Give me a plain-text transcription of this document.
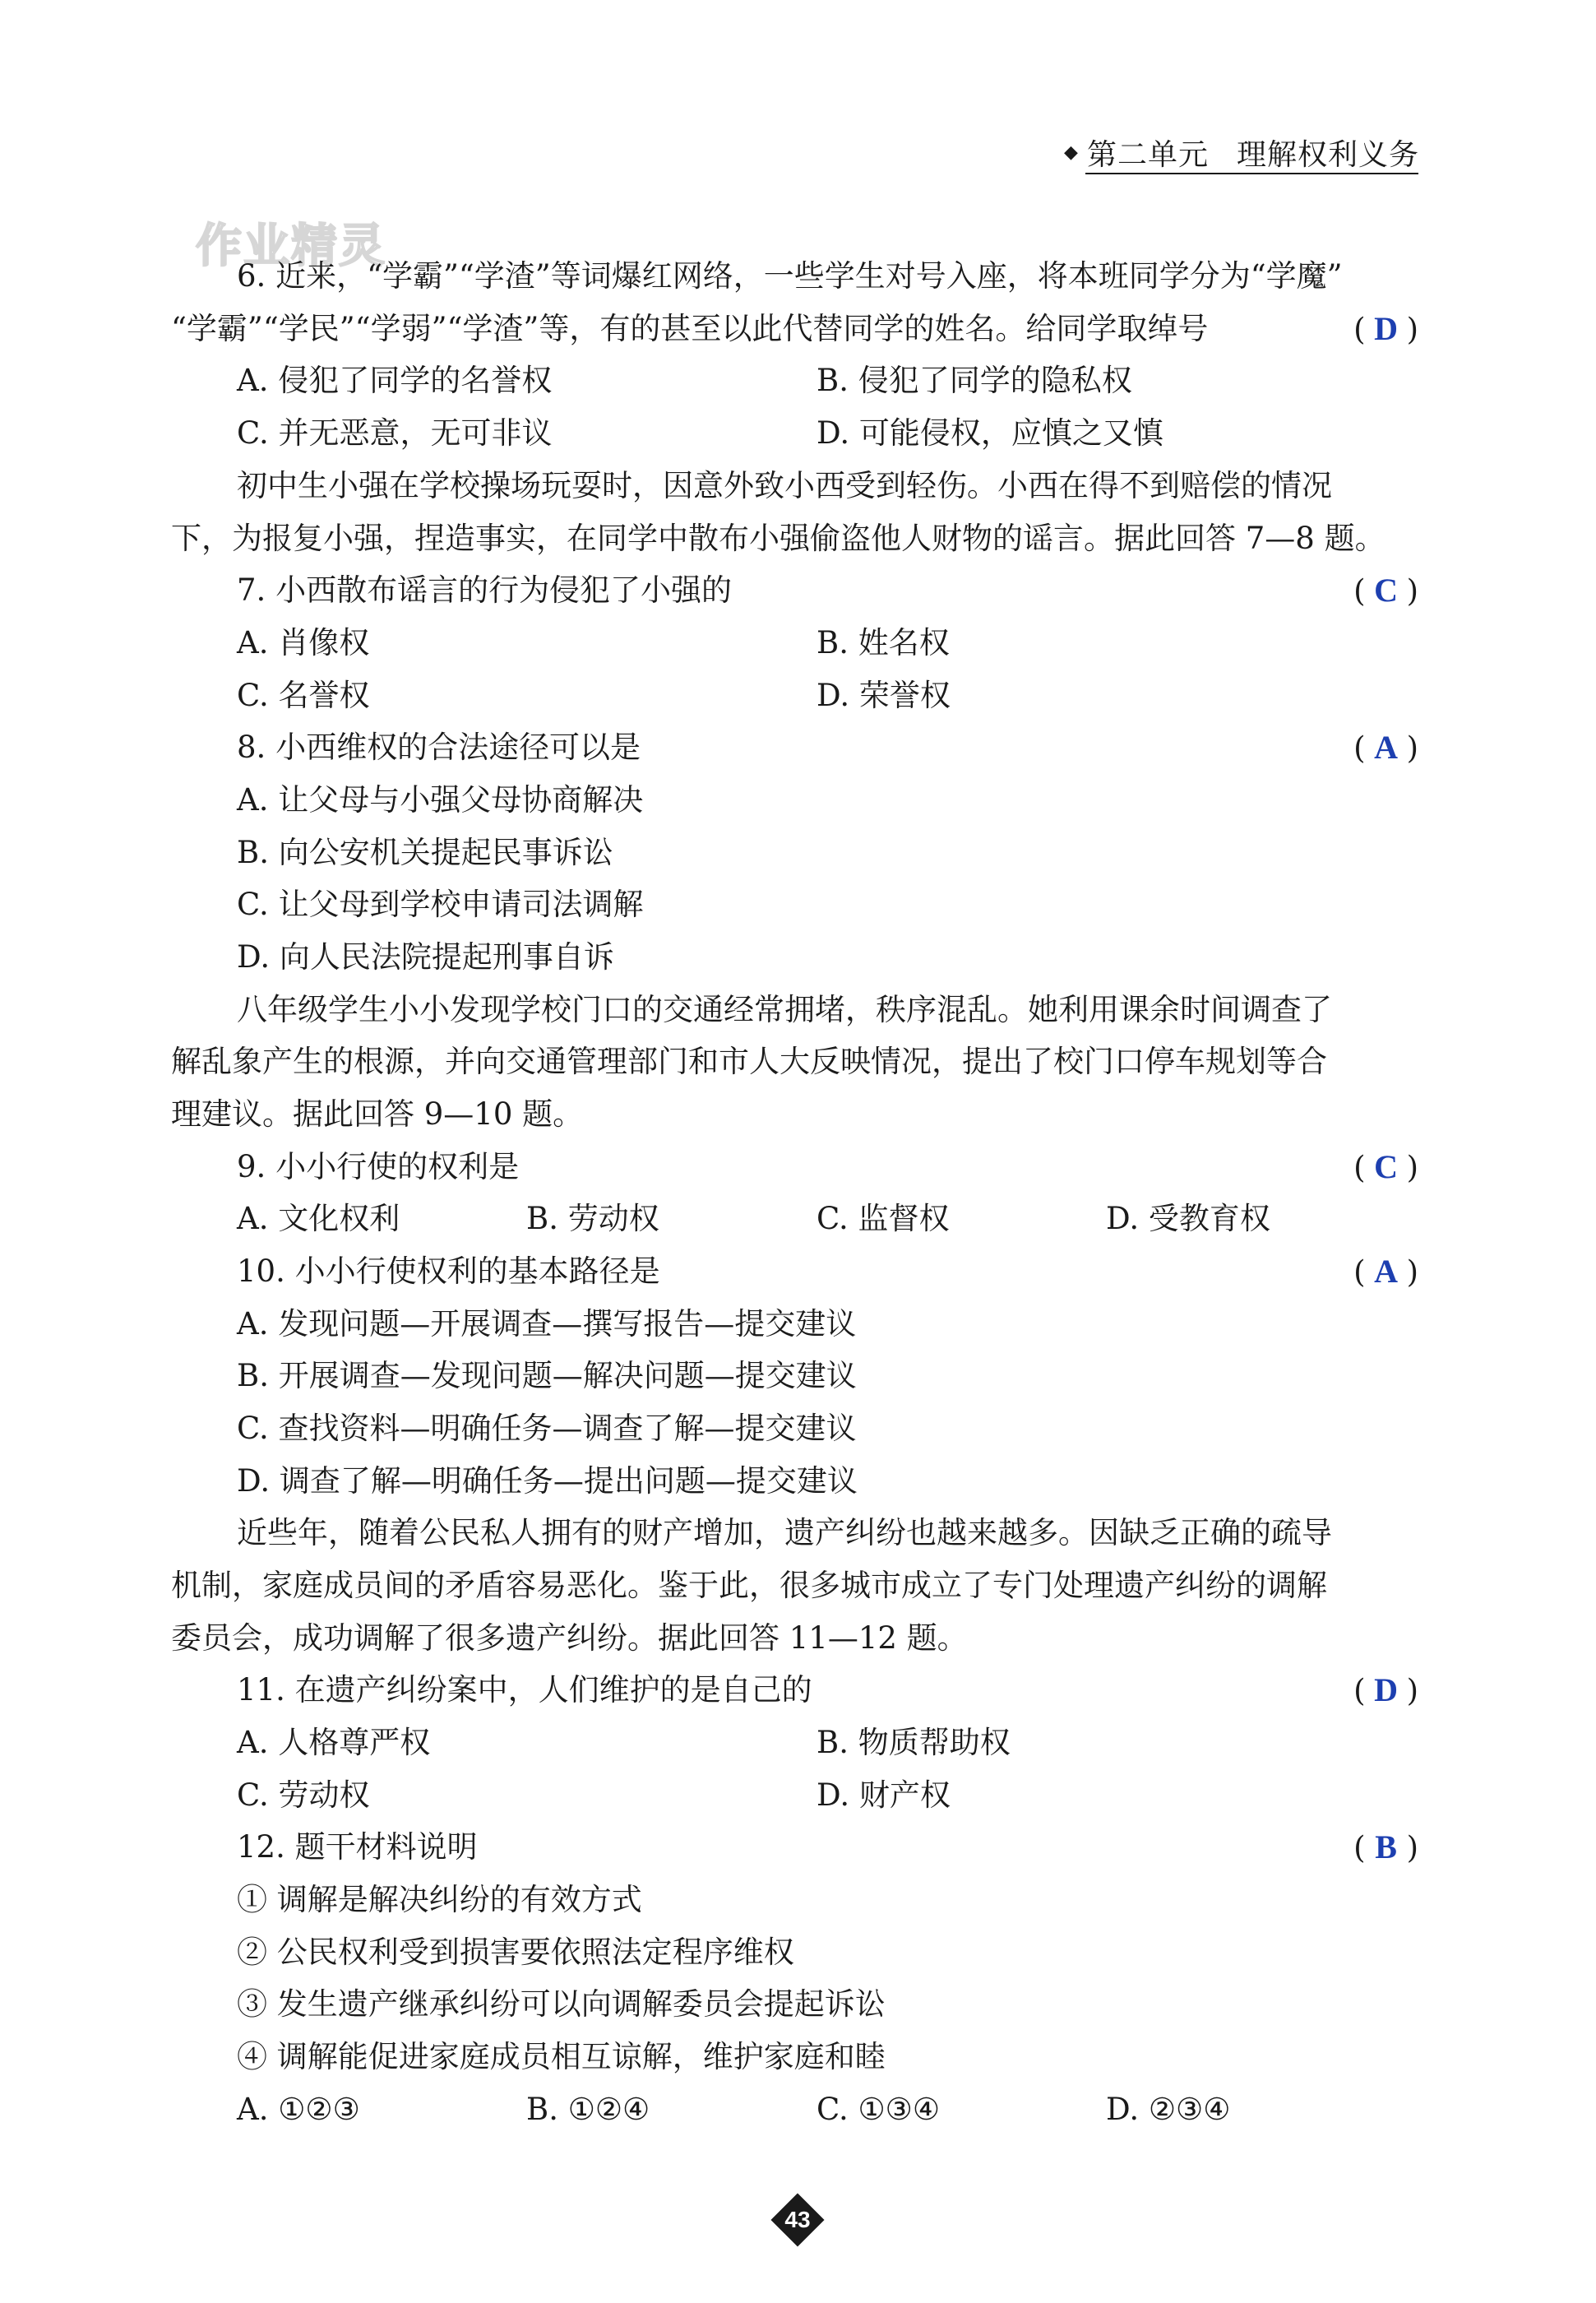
◆ 第二单元 理解权利义务
作业精灵
6. 近来，“学霸”“学渣”等词爆红网络，一些学生对号入座，将本班同学分为“学魔”
“学霸”“学民”“学弱”“学渣”等，有的甚至以此代替同学的姓名。给同学取绰号	( D )
A. 侵犯了同学的名誉权	B. 侵犯了同学的隐私权
C. 并无恶意，无可非议	D. 可能侵权，应慎之又慎
初中生小强在学校操场玩耍时，因意外致小西受到轻伤。小西在得不到赔偿的情况
下，为报复小强，捏造事实，在同学中散布小强偷盗他人财物的谣言。据此回答 7—8 题。
7. 小西散布谣言的行为侵犯了小强的	( C )
A. 肖像权	B. 姓名权
C. 名誉权	D. 荣誉权
8. 小西维权的合法途径可以是	( A )
A. 让父母与小强父母协商解决
B. 向公安机关提起民事诉讼
C. 让父母到学校申请司法调解
D. 向人民法院提起刑事自诉
八年级学生小小发现学校门口的交通经常拥堵，秩序混乱。她利用课余时间调查了
解乱象产生的根源，并向交通管理部门和市人大反映情况，提出了校门口停车规划等合
理建议。据此回答 9—10 题。
9. 小小行使的权利是	( C )
A. 文化权利	B. 劳动权	C. 监督权	D. 受教育权
10. 小小行使权利的基本路径是	( A )
A. 发现问题—开展调查—撰写报告—提交建议
B. 开展调查—发现问题—解决问题—提交建议
C. 查找资料—明确任务—调查了解—提交建议
D. 调查了解—明确任务—提出问题—提交建议
近些年，随着公民私人拥有的财产增加，遗产纠纷也越来越多。因缺乏正确的疏导
机制，家庭成员间的矛盾容易恶化。鉴于此，很多城市成立了专门处理遗产纠纷的调解
委员会，成功调解了很多遗产纠纷。据此回答 11—12 题。
11. 在遗产纠纷案中，人们维护的是自己的	( D )
A. 人格尊严权	B. 物质帮助权
C. 劳动权	D. 财产权
12. 题干材料说明	( B )
① 调解是解决纠纷的有效方式
② 公民权利受到损害要依照法定程序维权
③ 发生遗产继承纠纷可以向调解委员会提起诉讼
④ 调解能促进家庭成员相互谅解，维护家庭和睦
A. ①②③	B. ①②④	C. ①③④	D. ②③④
43
